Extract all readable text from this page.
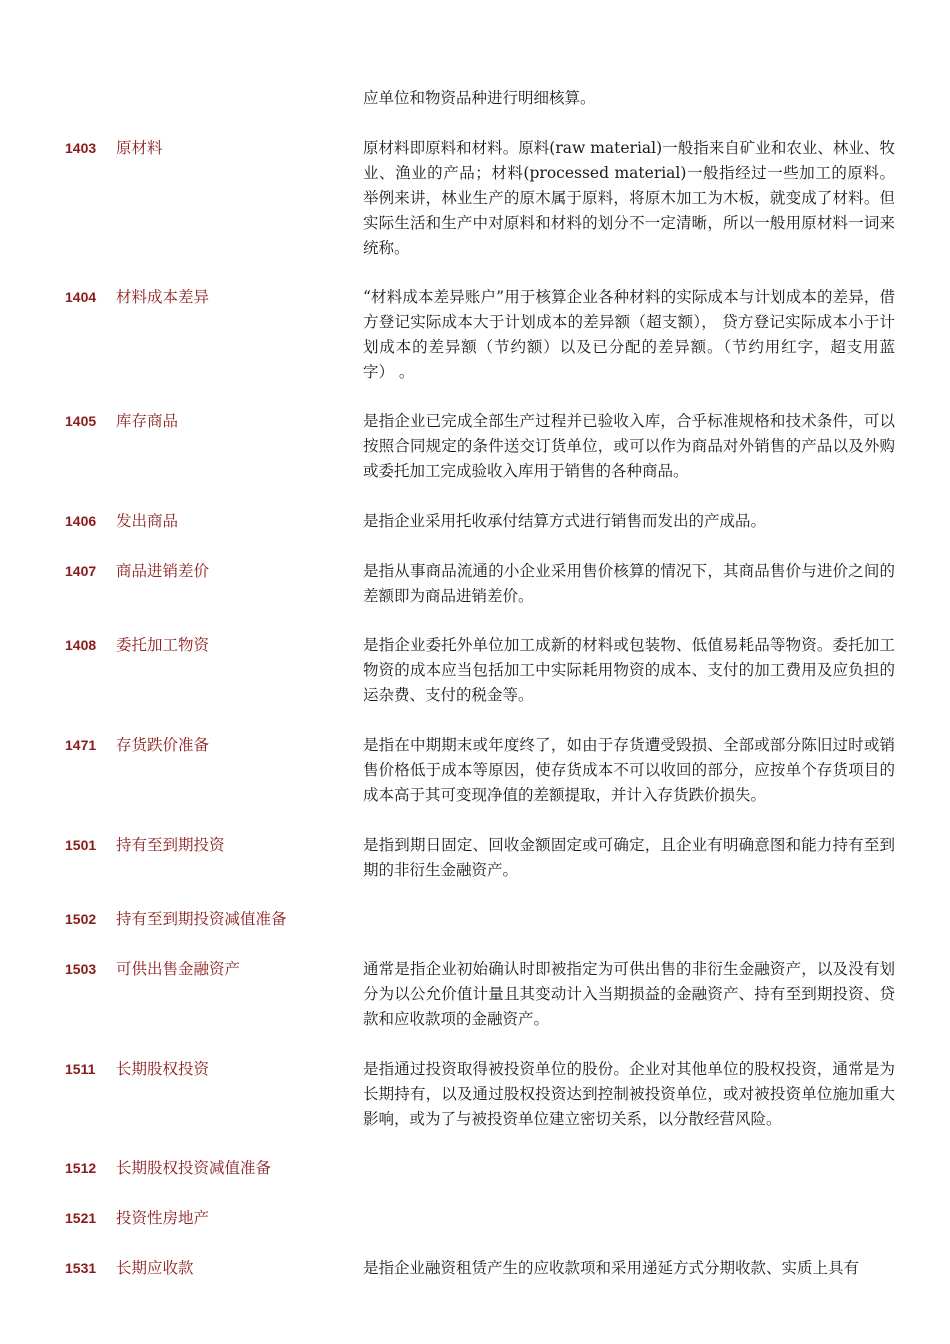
应单位和物资品种进行明细核算。
1403 原材料	原材料即原料和材料。原料(raw material)一般指来自矿业和农业、林业、牧业、渔业的产品；材料(processed material)一般指经过一些加工的原料。举例来讲，林业生产的原木属于原料，将原木加工为木板，就变成了材料。但实际生活和生产中对原料和材料的划分不一定清晰，所以一般用原材料一词来统称。
1404 材料成本差异	“材料成本差异账户”用于核算企业各种材料的实际成本与计划成本的差异，借方登记实际成本大于计划成本的差异额（超支额）， 贷方登记实际成本小于计划成本的差异额（节约额）以及已分配的差异额。（节约用红字，超支用蓝字） 。
1405 库存商品	是指企业已完成全部生产过程并已验收入库，合乎标准规格和技术条件，可以按照合同规定的条件送交订货单位，或可以作为商品对外销售的产品以及外购或委托加工完成验收入库用于销售的各种商品。
1406 发出商品	是指企业采用托收承付结算方式进行销售而发出的产成品。
1407 商品进销差价	是指从事商品流通的小企业采用售价核算的情况下，其商品售价与进价之间的差额即为商品进销差价。
1408 委托加工物资	是指企业委托外单位加工成新的材料或包装物、低值易耗品等物资。委托加工物资的成本应当包括加工中实际耗用物资的成本、支付的加工费用及应负担的运杂费、支付的税金等。
1471 存货跌价准备	是指在中期期末或年度终了，如由于存货遭受毁损、全部或部分陈旧过时或销售价格低于成本等原因，使存货成本不可以收回的部分，应按单个存货项目的成本高于其可变现净值的差额提取，并计入存货跌价损失。
1501 持有至到期投资	是指到期日固定、回收金额固定或可确定，且企业有明确意图和能力持有至到期的非衍生金融资产。
1502 持有至到期投资减值准备
1503 可供出售金融资产	通常是指企业初始确认时即被指定为可供出售的非衍生金融资产，以及没有划分为以公允价值计量且其变动计入当期损益的金融资产、持有至到期投资、贷款和应收款项的金融资产。
1511 长期股权投资	是指通过投资取得被投资单位的股份。企业对其他单位的股权投资，通常是为长期持有，以及通过股权投资达到控制被投资单位，或对被投资单位施加重大影响，或为了与被投资单位建立密切关系，以分散经营风险。
1512 长期股权投资减值准备
1521 投资性房地产
1531 长期应收款	是指企业融资租赁产生的应收款项和采用递延方式分期收款、实质上具有
